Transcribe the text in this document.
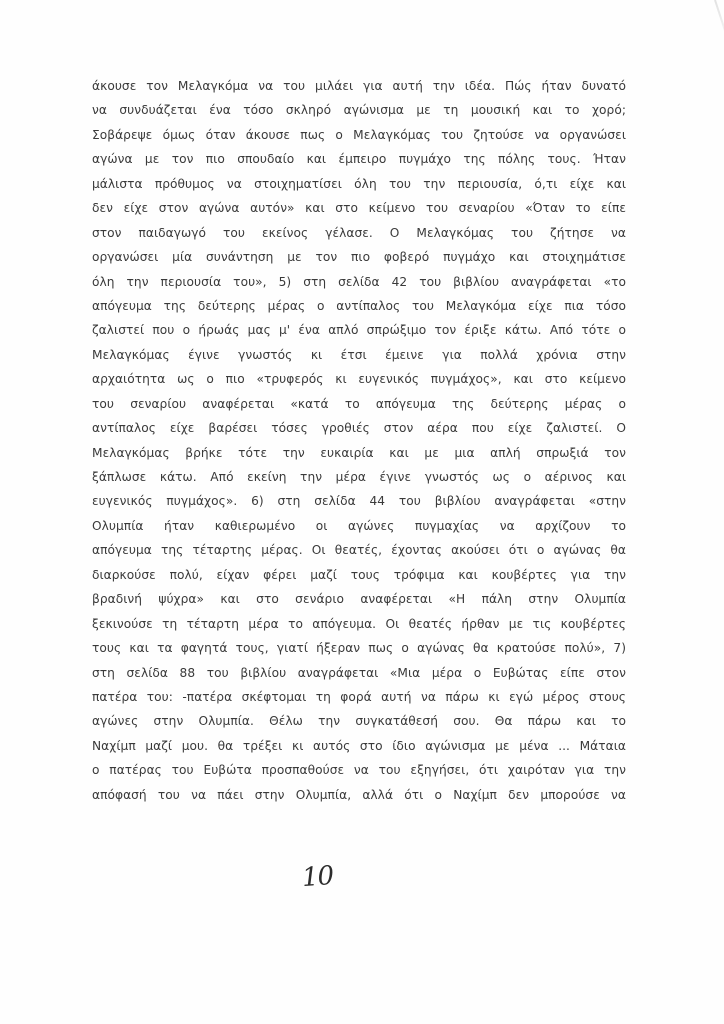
άκουσε τον Μελαγκόμα να του μιλάει για αυτή την ιδέα. Πώς ήταν δυνατό
να συνδυάζεται ένα τόσο σκληρό αγώνισμα με τη μουσική και το χορό;
Σοβάρεψε όμως όταν άκουσε πως ο Μελαγκόμας του ζητούσε να οργανώσει
αγώνα με τον πιο σπουδαίο και έμπειρο πυγμάχο της πόλης τους. Ήταν
μάλιστα πρόθυμος να στοιχηματίσει όλη του την περιουσία, ό,τι είχε και
δεν είχε στον αγώνα αυτόν» και στο κείμενο του σεναρίου «Όταν το είπε
στον παιδαγωγό του εκείνος γέλασε. Ο Μελαγκόμας του ζήτησε να
οργανώσει μία συνάντηση με τον πιο φοβερό πυγμάχο και στοιχημάτισε
όλη την περιουσία του», 5) στη σελίδα 42 του βιβλίου αναγράφεται «το
απόγευμα της δεύτερης μέρας ο αντίπαλος του Μελαγκόμα είχε πια τόσο
ζαλιστεί που ο ήρωάς μας μ' ένα απλό σπρώξιμο τον έριξε κάτω. Από τότε ο
Μελαγκόμας έγινε γνωστός κι έτσι έμεινε για πολλά χρόνια στην
αρχαιότητα ως ο πιο «τρυφερός κι ευγενικός πυγμάχος», και στο κείμενο
του σεναρίου αναφέρεται «κατά το απόγευμα της δεύτερης μέρας ο
αντίπαλος είχε βαρέσει τόσες γροθιές στον αέρα που είχε ζαλιστεί. Ο
Μελαγκόμας βρήκε τότε την ευκαιρία και με μια απλή σπρωξιά τον
ξάπλωσε κάτω. Από εκείνη την μέρα έγινε γνωστός ως ο αέρινος και
ευγενικός πυγμάχος». 6) στη σελίδα 44 του βιβλίου αναγράφεται «στην
Ολυμπία ήταν καθιερωμένο οι αγώνες πυγμαχίας να αρχίζουν το
απόγευμα της τέταρτης μέρας. Οι θεατές, έχοντας ακούσει ότι ο αγώνας θα
διαρκούσε πολύ, είχαν φέρει μαζί τους τρόφιμα και κουβέρτες για την
βραδινή ψύχρα» και στο σενάριο αναφέρεται «Η πάλη στην Ολυμπία
ξεκινούσε τη τέταρτη μέρα το απόγευμα. Οι θεατές ήρθαν με τις κουβέρτες
τους και τα φαγητά τους, γιατί ήξεραν πως ο αγώνας θα κρατούσε πολύ», 7)
στη σελίδα 88 του βιβλίου αναγράφεται «Μια μέρα ο Ευβώτας είπε στον
πατέρα του: -πατέρα σκέφτομαι τη φορά αυτή να πάρω κι εγώ μέρος στους
αγώνες στην Ολυμπία. Θέλω την συγκατάθεσή σου. Θα πάρω και το
Ναχίμπ μαζί μου. θα τρέξει κι αυτός στο ίδιο αγώνισμα με μένα ... Μάταια
ο πατέρας του Ευβώτα προσπαθούσε να του εξηγήσει, ότι χαιρόταν για την
απόφασή του να πάει στην Ολυμπία, αλλά ότι ο Ναχίμπ δεν μπορούσε να
10
